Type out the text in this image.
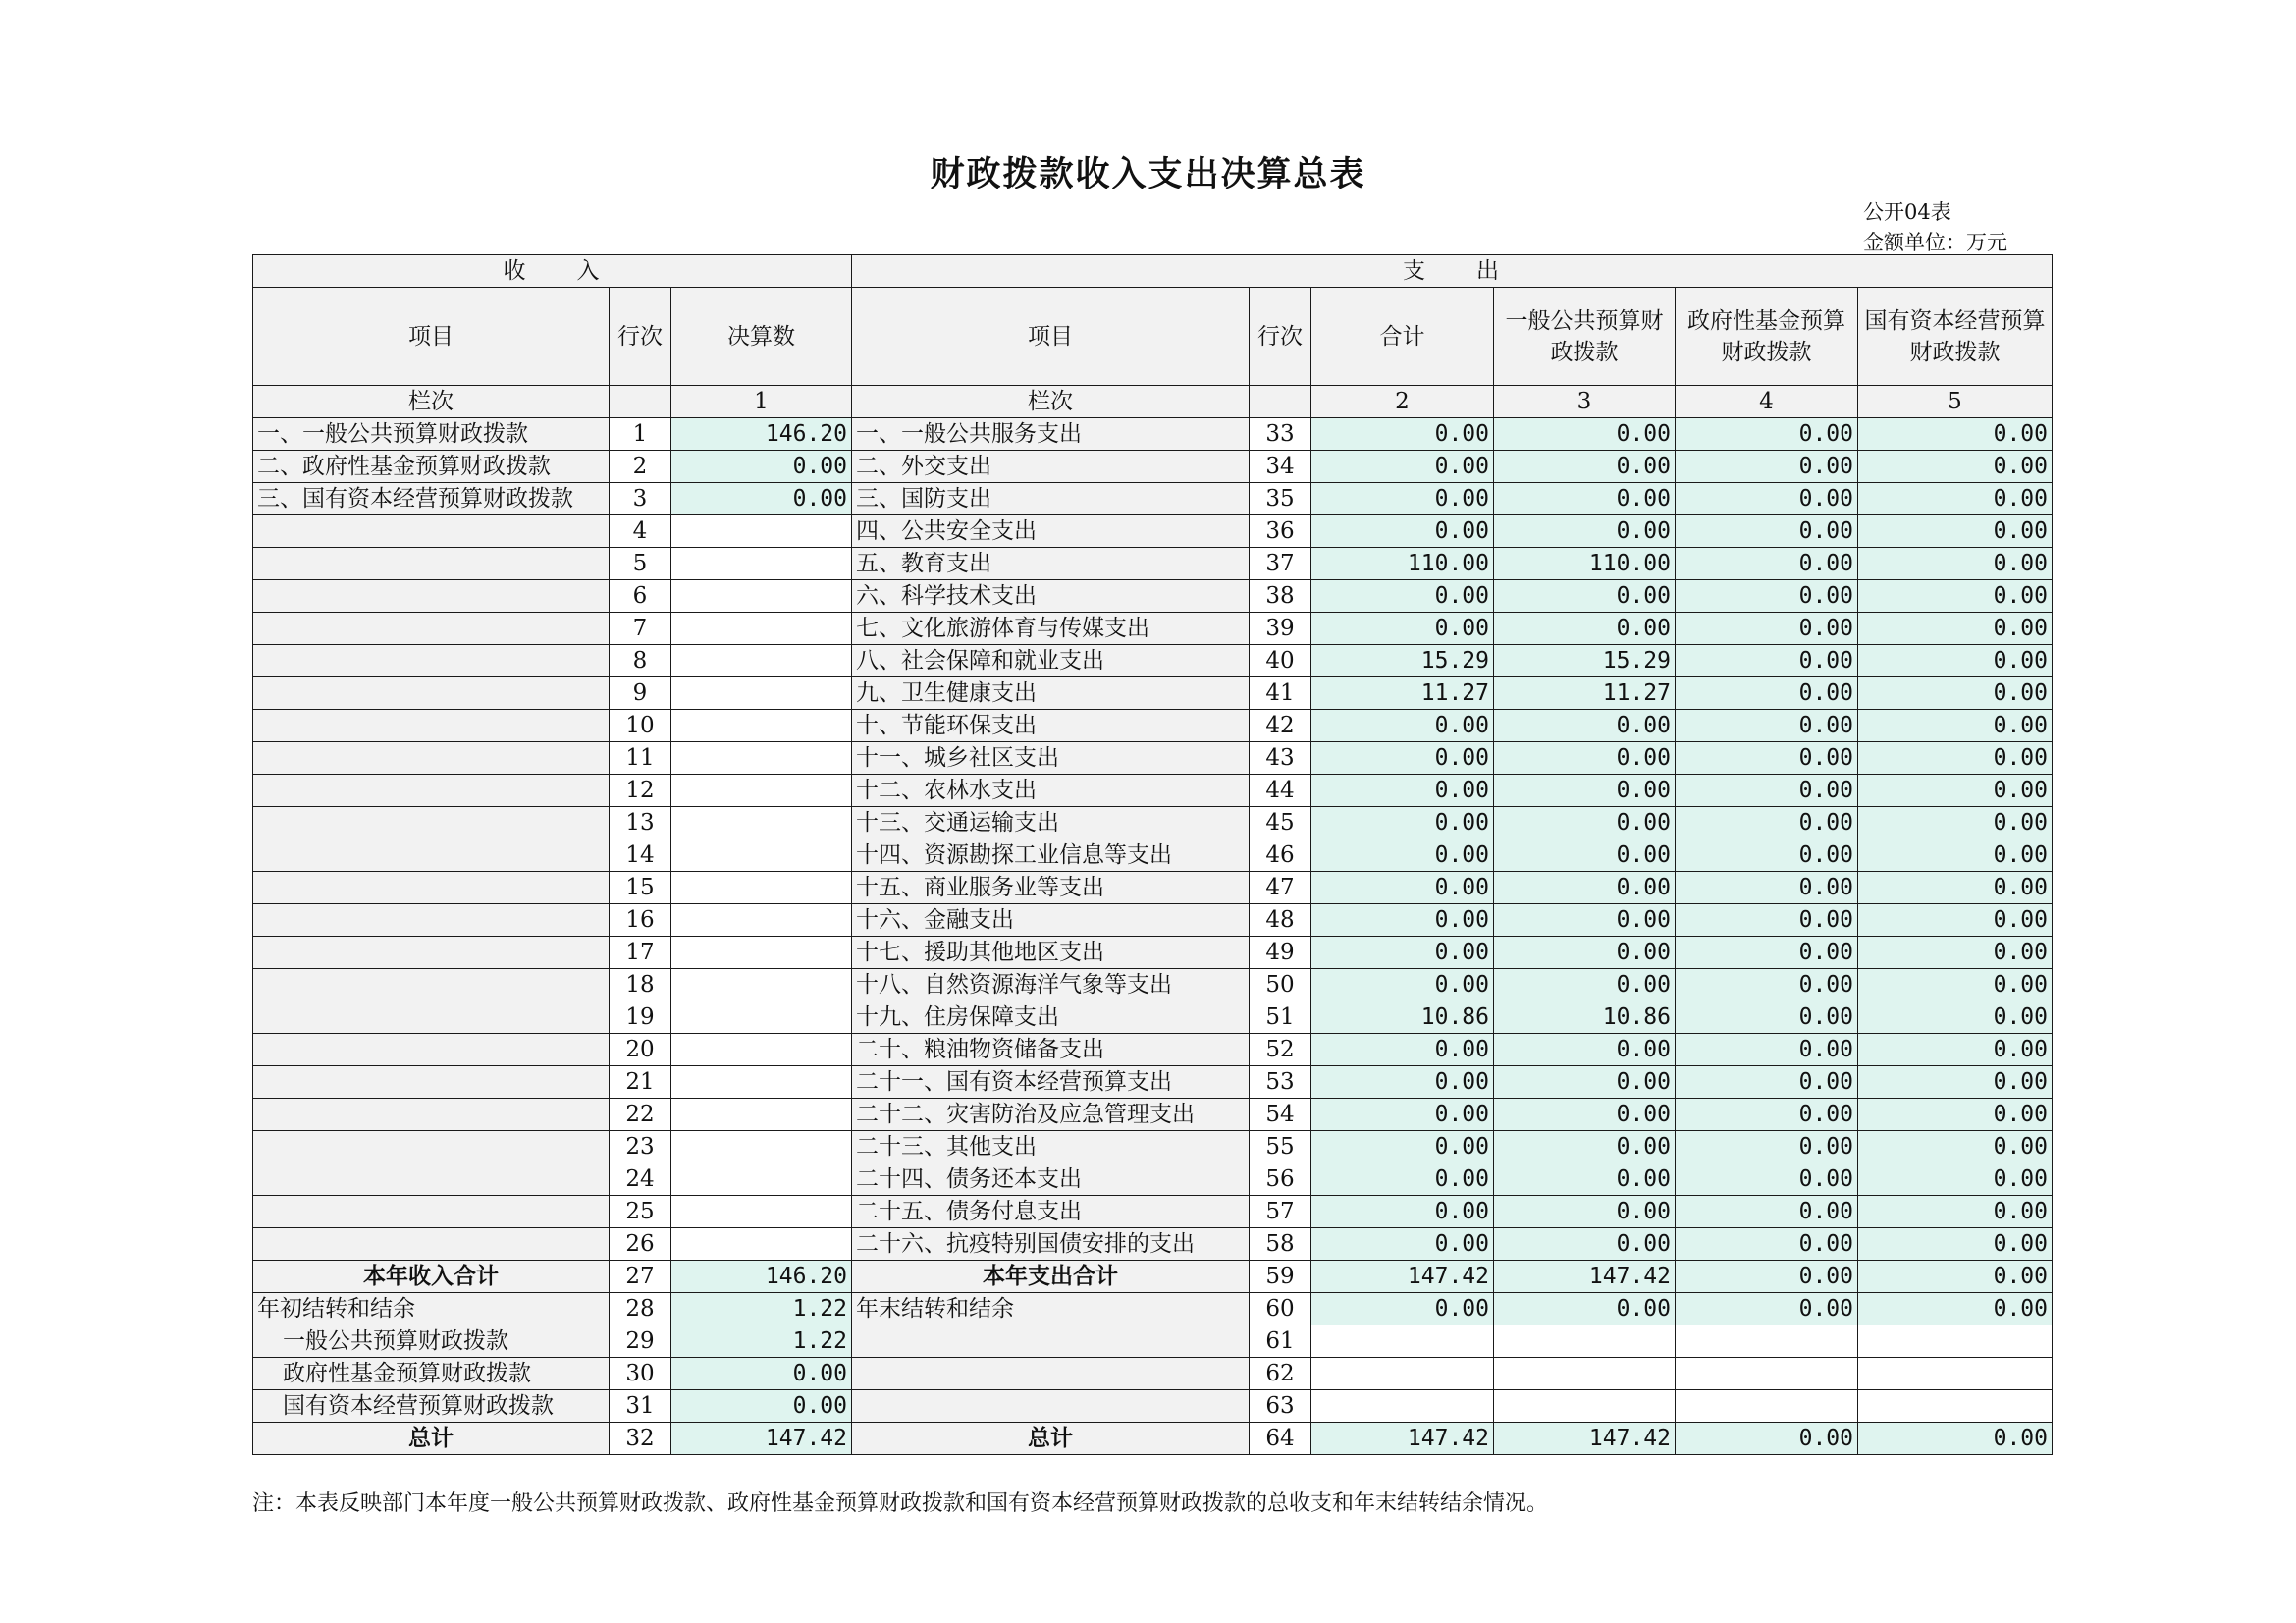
财政拨款收入支出决算总表
公开04表
金额单位：万元
收　　入			支　　出					
项目	行次	决算数	项目	行次	合计	一般公共预算财政拨款	政府性基金预算财政拨款	国有资本经营预算财政拨款
栏次		1	栏次		2	3	4	5
一、一般公共预算财政拨款	1	146.20	一、一般公共服务支出	33	0.00	0.00	0.00	0.00
二、政府性基金预算财政拨款	2	0.00	二、外交支出	34	0.00	0.00	0.00	0.00
三、国有资本经营预算财政拨款	3	0.00	三、国防支出	35	0.00	0.00	0.00	0.00
	4		四、公共安全支出	36	0.00	0.00	0.00	0.00
	5		五、教育支出	37	110.00	110.00	0.00	0.00
	6		六、科学技术支出	38	0.00	0.00	0.00	0.00
	7		七、文化旅游体育与传媒支出	39	0.00	0.00	0.00	0.00
	8		八、社会保障和就业支出	40	15.29	15.29	0.00	0.00
	9		九、卫生健康支出	41	11.27	11.27	0.00	0.00
	10		十、节能环保支出	42	0.00	0.00	0.00	0.00
	11		十一、城乡社区支出	43	0.00	0.00	0.00	0.00
	12		十二、农林水支出	44	0.00	0.00	0.00	0.00
	13		十三、交通运输支出	45	0.00	0.00	0.00	0.00
	14		十四、资源勘探工业信息等支出	46	0.00	0.00	0.00	0.00
	15		十五、商业服务业等支出	47	0.00	0.00	0.00	0.00
	16		十六、金融支出	48	0.00	0.00	0.00	0.00
	17		十七、援助其他地区支出	49	0.00	0.00	0.00	0.00
	18		十八、自然资源海洋气象等支出	50	0.00	0.00	0.00	0.00
	19		十九、住房保障支出	51	10.86	10.86	0.00	0.00
	20		二十、粮油物资储备支出	52	0.00	0.00	0.00	0.00
	21		二十一、国有资本经营预算支出	53	0.00	0.00	0.00	0.00
	22		二十二、灾害防治及应急管理支出	54	0.00	0.00	0.00	0.00
	23		二十三、其他支出	55	0.00	0.00	0.00	0.00
	24		二十四、债务还本支出	56	0.00	0.00	0.00	0.00
	25		二十五、债务付息支出	57	0.00	0.00	0.00	0.00
	26		二十六、抗疫特别国债安排的支出	58	0.00	0.00	0.00	0.00
本年收入合计	27	146.20	本年支出合计	59	147.42	147.42	0.00	0.00
年初结转和结余	28	1.22	年末结转和结余	60	0.00	0.00	0.00	0.00
一般公共预算财政拨款	29	1.22		61				
政府性基金预算财政拨款	30	0.00		62				
国有资本经营预算财政拨款	31	0.00		63				
总计	32	147.42	总计	64	147.42	147.42	0.00	0.00
注：本表反映部门本年度一般公共预算财政拨款、政府性基金预算财政拨款和国有资本经营预算财政拨款的总收支和年末结转结余情况。
